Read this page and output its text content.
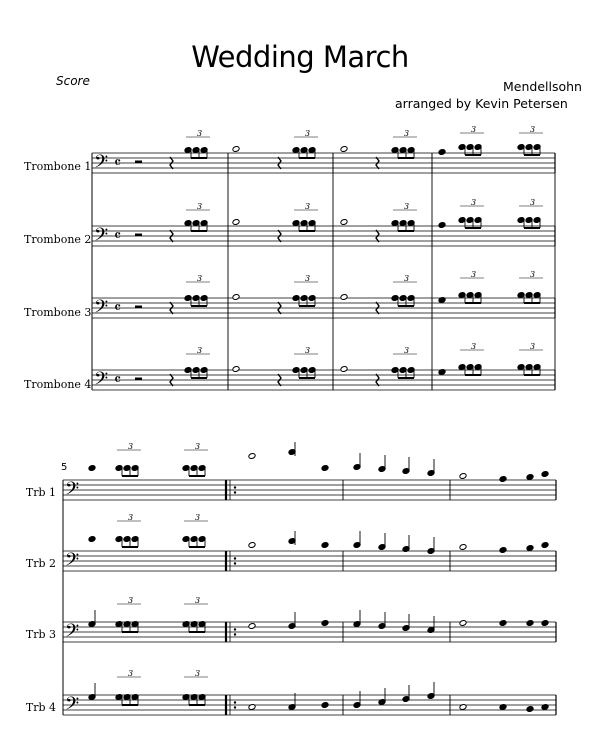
Wedding March
Score	Mendellsohn
arranged by Kevin Petersen
Trombone 1
Trombone 2
Trombone 3
Trombone 4
Trb 1
Trb 2
Trb 3
Trb 4
5
𝄢 𝄴
3	3	3	3	3
𝄢 𝄴
3	3	3	3	3
𝄢 𝄴
3	3	3	3	3
𝄢 𝄴
3	3	3	3	3
𝄢
3	3
𝄢
3	3
𝄢
3	3
𝄢
3	3
